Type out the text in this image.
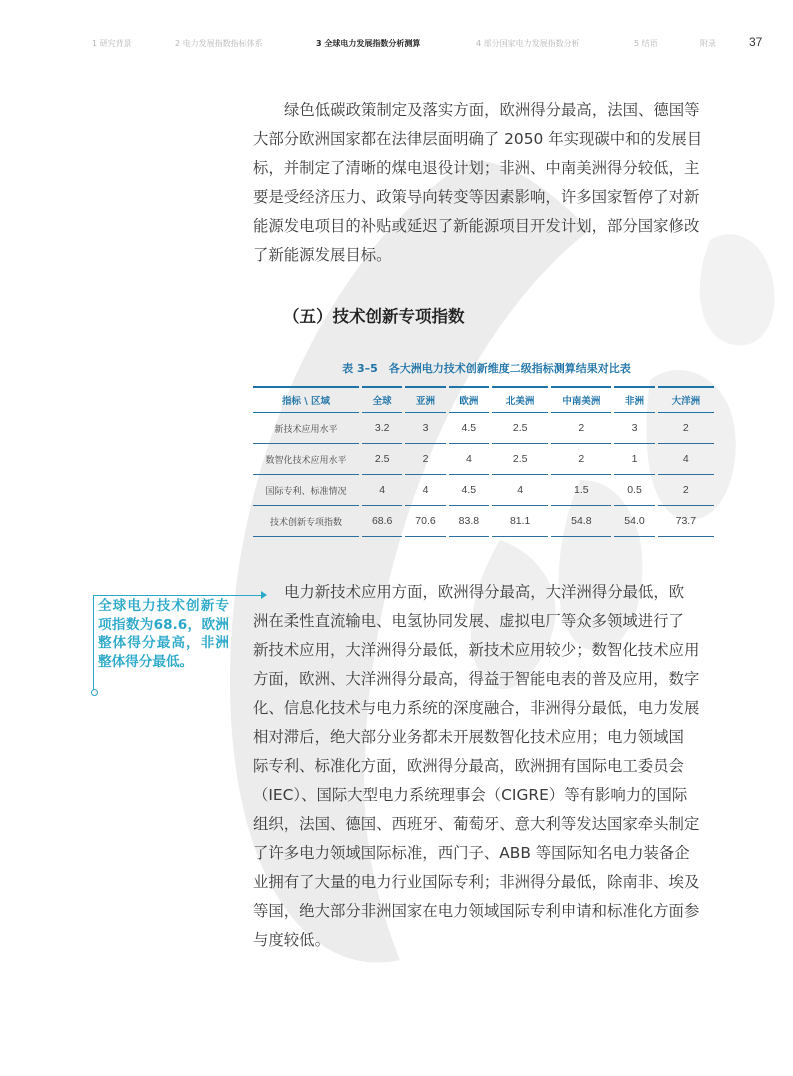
1 研究背景	2 电力发展指数指标体系	3 全球电力发展指数分析测算	4 部分国家电力发展指数分析	5 结语	附录	37

绿色低碳政策制定及落实方面，欧洲得分最高，法国、德国等
大部分欧洲国家都在法律层面明确了 2050 年实现碳中和的发展目
标，并制定了清晰的煤电退役计划；非洲、中南美洲得分较低，主
要是受经济压力、政策导向转变等因素影响，许多国家暂停了对新
能源发电项目的补贴或延迟了新能源项目开发计划，部分国家修改
了新能源发展目标。

（五）技术创新专项指数

表 3–5　各大洲电力技术创新维度二级指标测算结果对比表

指标 \ 区域	全球	亚洲	欧洲	北美洲	中南美洲	非洲	大洋洲
新技术应用水平	3.2	3	4.5	2.5	2	3	2
数智化技术应用水平	2.5	2	4	2.5	2	1	4
国际专利、标准情况	4	4	4.5	4	1.5	0.5	2
技术创新专项指数	68.6	70.6	83.8	81.1	54.8	54.0	73.7

全球电力技术创新专项指数为68.6，欧洲整体得分最高，非洲整体得分最低。

电力新技术应用方面，欧洲得分最高，大洋洲得分最低，欧
洲在柔性直流输电、电氢协同发展、虚拟电厂等众多领域进行了
新技术应用，大洋洲得分最低，新技术应用较少；数智化技术应用
方面，欧洲、大洋洲得分最高，得益于智能电表的普及应用，数字
化、信息化技术与电力系统的深度融合，非洲得分最低，电力发展
相对滞后，绝大部分业务都未开展数智化技术应用；电力领域国
际专利、标准化方面，欧洲得分最高，欧洲拥有国际电工委员会
（IEC）、国际大型电力系统理事会（CIGRE）等有影响力的国际
组织，法国、德国、西班牙、葡萄牙、意大利等发达国家牵头制定
了许多电力领域国际标准，西门子、ABB 等国际知名电力装备企
业拥有了大量的电力行业国际专利；非洲得分最低，除南非、埃及
等国，绝大部分非洲国家在电力领域国际专利申请和标准化方面参
与度较低。
